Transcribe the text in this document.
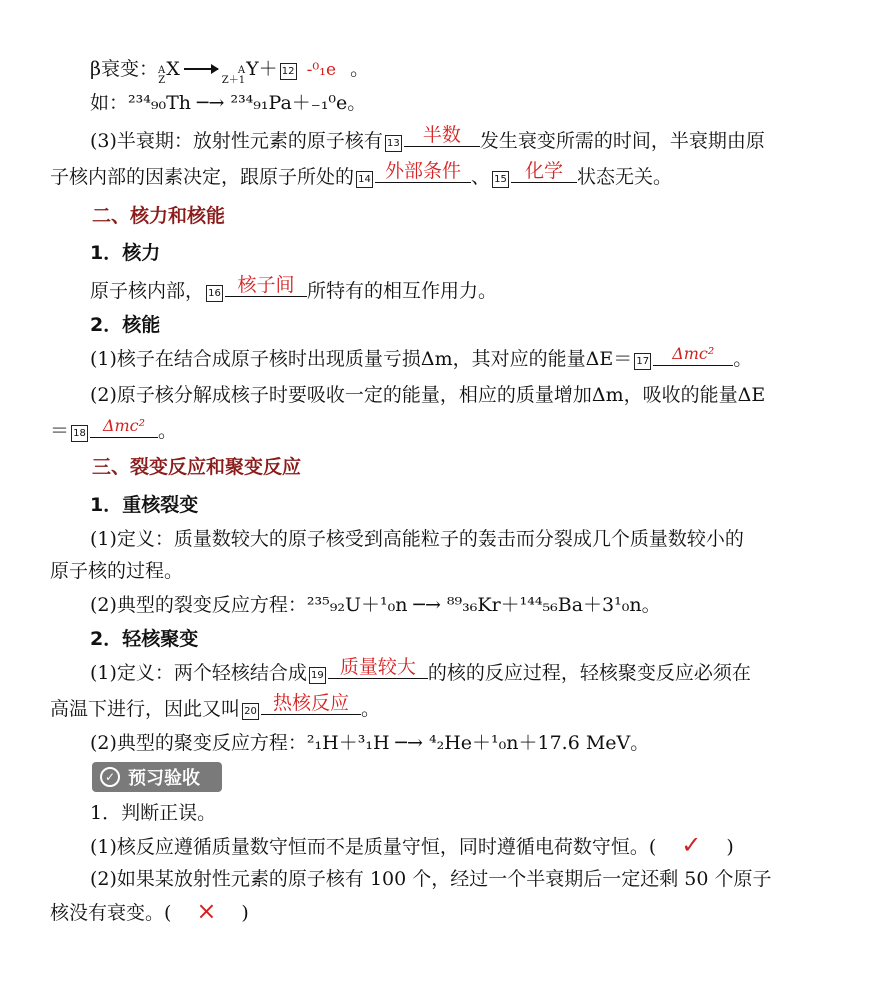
β衰变： A
Z
X →	A
Z＋1
Y＋ 12 -⁰₁e 。
如：²³⁴₉₀Th ─→ ²³⁴₉₁Pa＋₋₁⁰e。
(3)半衰期：放射性元素的原子核有 13 半数 发生衰变所需的时间，半衰期由原
子核内部的因素决定，跟原子所处的 14 外部条件 、 15 化学 状态无关。
二、核力和核能
1．核力
原子核内部， 16 核子间 所特有的相互作用力。
2．核能
(1)核子在结合成原子核时出现质量亏损Δm，其对应的能量ΔE＝ 17 Δmc² 。
(2)原子核分解成核子时要吸收一定的能量，相应的质量增加Δm，吸收的能量ΔE
＝ 18 Δmc² 。
三、裂变反应和聚变反应
1．重核裂变
(1)定义：质量数较大的原子核受到高能粒子的轰击而分裂成几个质量数较小的
原子核的过程。
(2)典型的裂变反应方程：²³⁵₉₂U＋¹₀n ─→ ⁸⁹₃₆Kr＋¹⁴⁴₅₆Ba＋3¹₀n。
2．轻核聚变
(1)定义：两个轻核结合成 19 质量较大 的核的反应过程，轻核聚变反应必须在
高温下进行，因此又叫 20 热核反应 。
(2)典型的聚变反应方程：²₁H＋³₁H ─→ ⁴₂He＋¹₀n＋17.6 MeV。
✓ 预习验收
1．判断正误。
(1)核反应遵循质量数守恒而不是质量守恒，同时遵循电荷数守恒。( ✓ )
(2)如果某放射性元素的原子核有 100 个，经过一个半衰期后一定还剩 50 个原子
核没有衰变。( × )
